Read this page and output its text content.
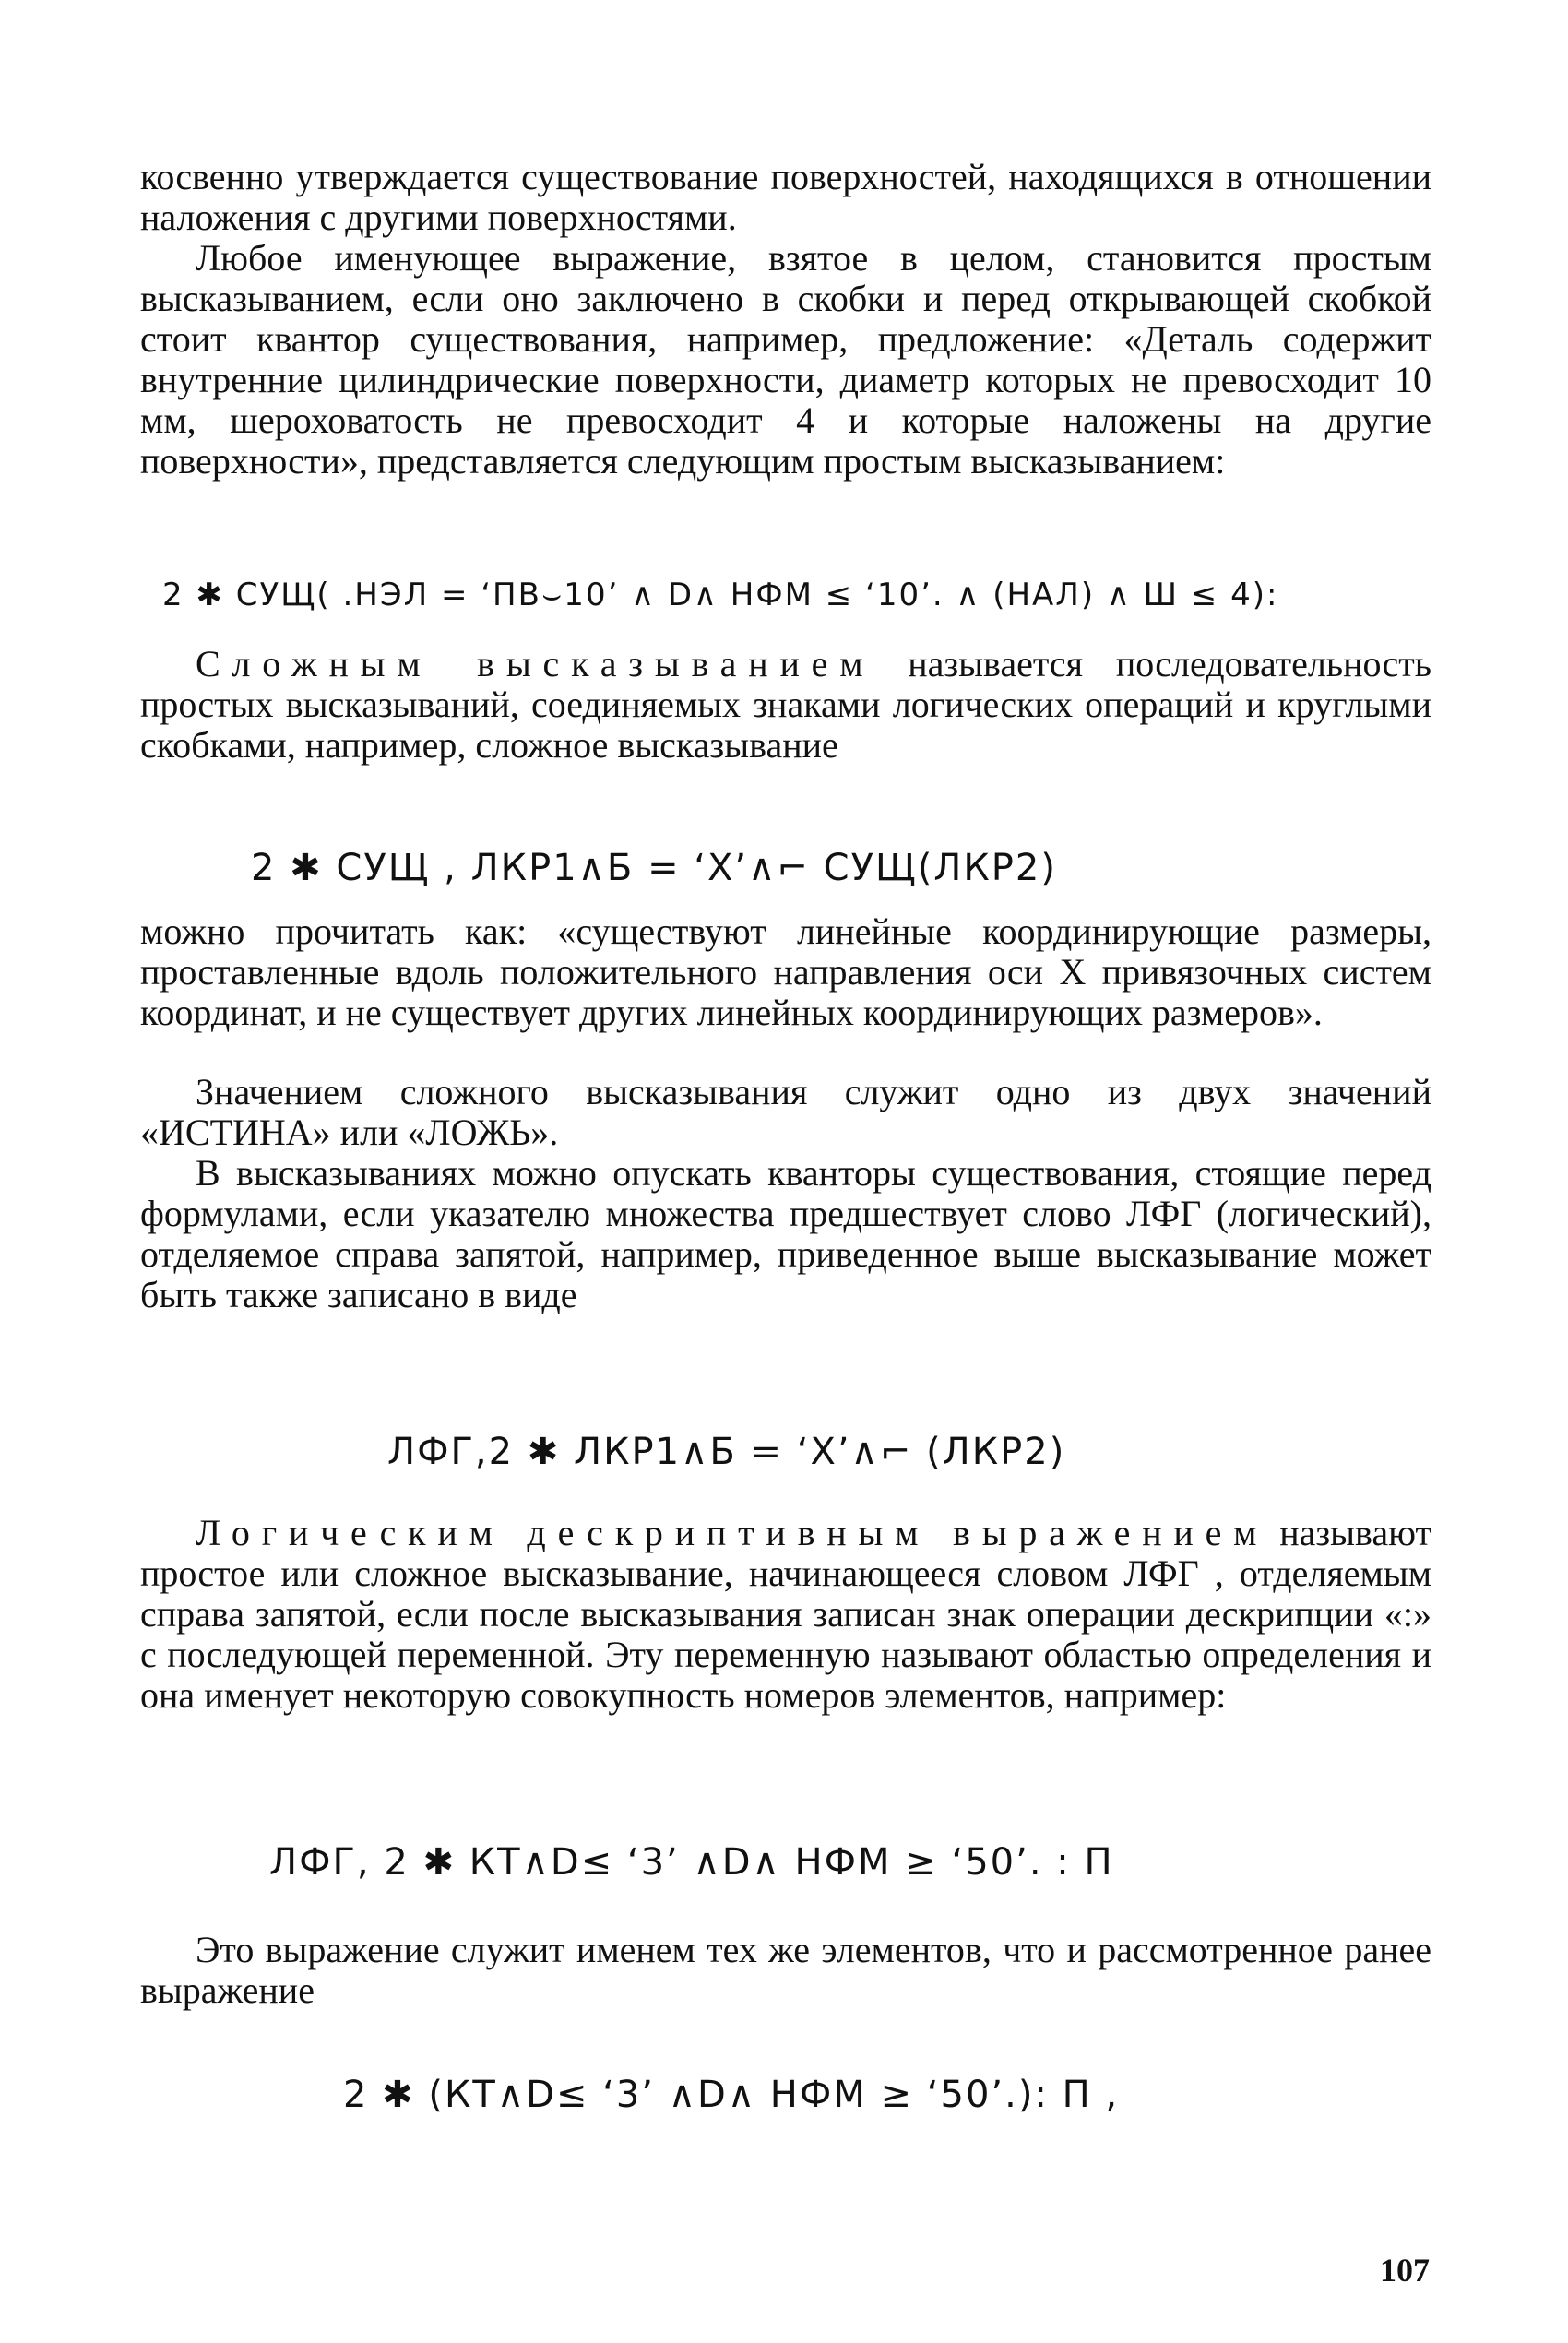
косвенно утверждается существование поверхностей, находящихся в отношении наложения с другими поверхностями.

Любое именующее выражение, взятое в целом, становится простым высказыванием, если оно заключено в скобки и перед открывающей скобкой стоит квантор существования, например, предложение: «Деталь содержит внутренние цилиндрические поверхности, диаметр которых не превосходит 10 мм, шероховатость не превосходит 4 и которые наложены на другие поверхности», представляется следующим простым высказыванием:

2 ✱ СУЩ( .НЭЛ = ‘ПВ⌣10’ ∧ D∧ НФМ ≤ ‘10’. ∧ (НАЛ) ∧ Ш ≤ 4):

Сложным высказыванием называется последовательность простых высказываний, соединяемых знаками логических операций и круглыми скобками, например, сложное высказывание

2 ✱ СУЩ , ЛКР1∧Б = ‘X’∧⌐ СУЩ(ЛКР2)

можно прочитать как: «существуют линейные координирующие размеры, проставленные вдоль положительного направления оси X привязочных систем координат, и не существует других линейных координирующих размеров».

Значением сложного высказывания служит одно из двух значений «ИСТИНА» или «ЛОЖЬ».

В высказываниях можно опускать кванторы существования, стоящие перед формулами, если указателю множества предшествует слово ЛФГ (логический), отделяемое справа запятой, например, приведенное выше высказывание может быть также записано в виде

ЛФГ,2 ✱ ЛКР1∧Б = ‘X’∧⌐ (ЛКР2)

Логическим дескриптивным выражением называют простое или сложное высказывание, начинающееся словом ЛФГ , отделяемым справа запятой, если после высказывания записан знак операции дескрипции «:» с последующей переменной. Эту переменную называют областью определения и она именует некоторую совокупность номеров элементов, например:

ЛФГ, 2 ✱ КТ∧D≤ ‘3’ ∧D∧ НФМ ≥ ‘50’. : П

Это выражение служит именем тех же элементов, что и рассмотренное ранее выражение

2 ✱ (КТ∧D≤ ‘3’ ∧D∧ НФМ ≥ ‘50’.): П ,
107
